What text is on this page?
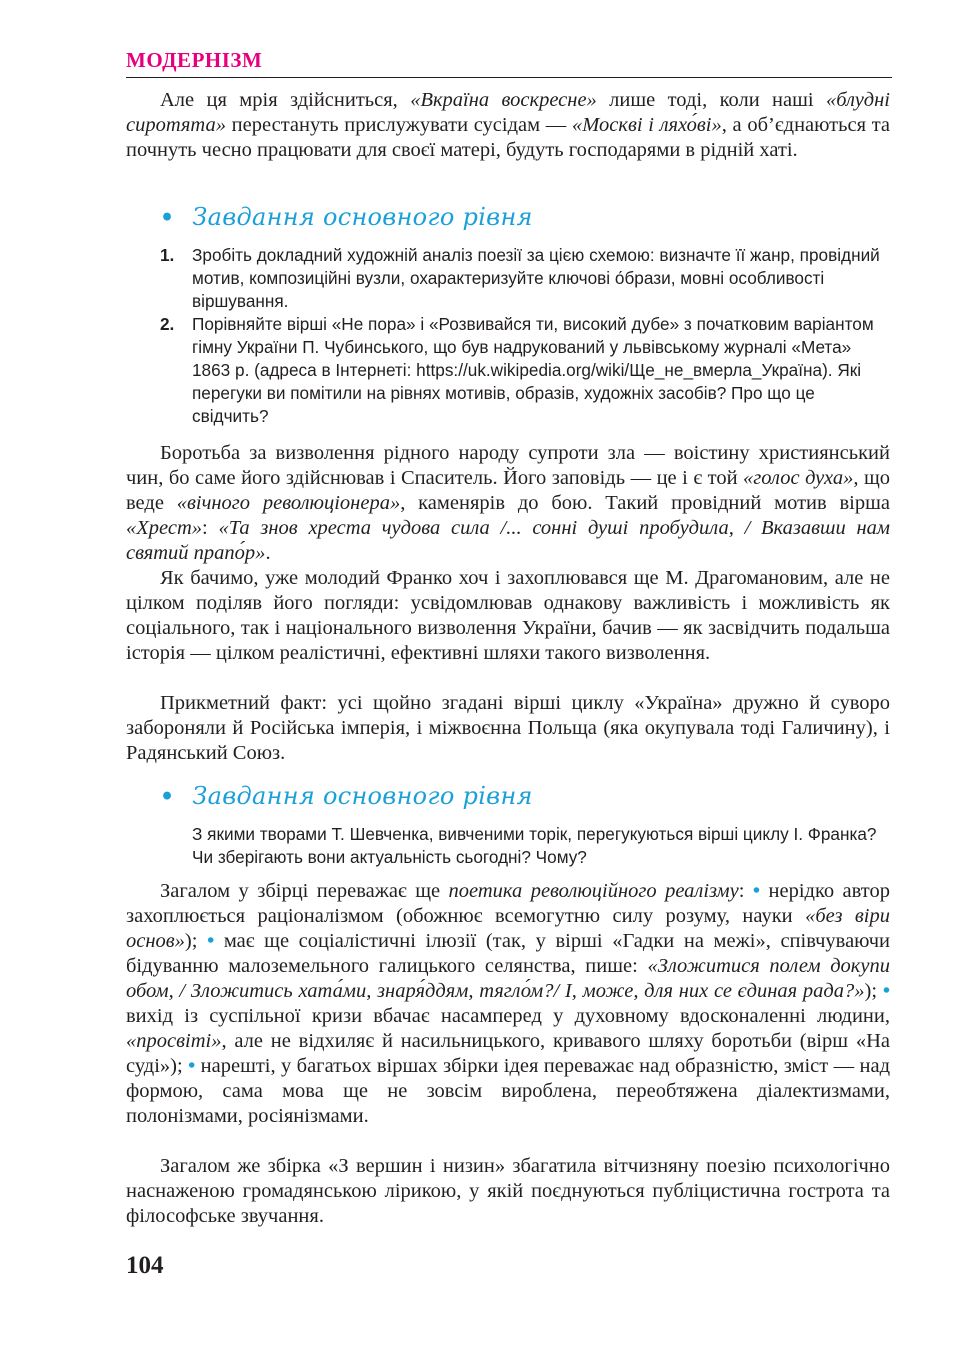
МОДЕРНІЗМ

Але ця мрія здійсниться, «Вкраїна воскресне» лише тоді, коли наші «блудні сиротята» перестануть прислужувати сусідам — «Москві і ляхо́ві», а об’єднаються та почнуть чесно працювати для своєї матері, будуть господарями в рідній хаті.

• Завдання основного рівня
1. Зробіть докладний художній аналіз поезії за цією схемою: визначте її жанр, провідний мотив, композиційні вузли, охарактеризуйте ключові о́брази, мовні особливості віршування.
2. Порівняйте вірші «Не пора» і «Розвивайся ти, високий дубе» з початковим варіантом гімну України П. Чубинського, що був надрукований у львівському журналі «Мета» 1863 р. (адреса в Інтернеті: https://uk.wikipedia.org/wiki/Ще_не_вмерла_Україна). Які перегуки ви помітили на рівнях мотивів, образів, художніх засобів? Про що це свідчить?

Боротьба за визволення рідного народу супроти зла — воістину християнський чин, бо саме його здійснював і Спаситель. Його заповідь — це і є той «голос духа», що веде «вічного революціонера», каменярів до бою. Такий провідний мотив вірша «Хрест»: «Та знов хреста чудова сила /... сонні душі пробудила, / Вказавши нам святий прапо́р».

Як бачимо, уже молодий Франко хоч і захоплювався ще М. Драгомановим, але не цілком поділяв його погляди: усвідомлював однакову важливість і можливість як соціального, так і національного визволення України, бачив — як засвідчить подальша історія — цілком реалістичні, ефективні шляхи такого визволення.

Прикметний факт: усі щойно згадані вірші циклу «Україна» дружно й суворо забороняли й Російська імперія, і міжвоєнна Польща (яка окупувала тоді Галичину), і Радянський Союз.

• Завдання основного рівня

З якими творами Т. Шевченка, вивченими торік, перегукуються вірші циклу І. Франка? Чи зберігають вони актуальність сьогодні? Чому?

Загалом у збірці переважає ще поетика революційного реалізму: • нерідко автор захоплюється раціоналізмом (обожнює всемогутню силу розуму, науки «без віри основ»); • має ще соціалістичні ілюзії (так, у вірші «Гадки на межі», співчуваючи бідуванню малоземельного галицького селянства, пише: «Зложитися полем докупи обом, / Зложитись хата́ми, знаря́ддям, тягло́м?/ І, може, для них се єдиная рада?»); • вихід із суспільної кризи вбачає насамперед у духовному вдосконаленні людини, «просвіті», але не відхиляє й насильницького, кривавого шляху боротьби (вірш «На суді»); • нарешті, у багатьох віршах збірки ідея переважає над образністю, зміст — над формою, сама мова ще не зовсім вироблена, переобтяжена діалектизмами, полонізмами, росіянізмами.

Загалом же збірка «З вершин і низин» збагатила вітчизняну поезію психологічно наснаженою громадянською лірикою, у якій поєднуються публіцистична гострота та філософське звучання.

104
